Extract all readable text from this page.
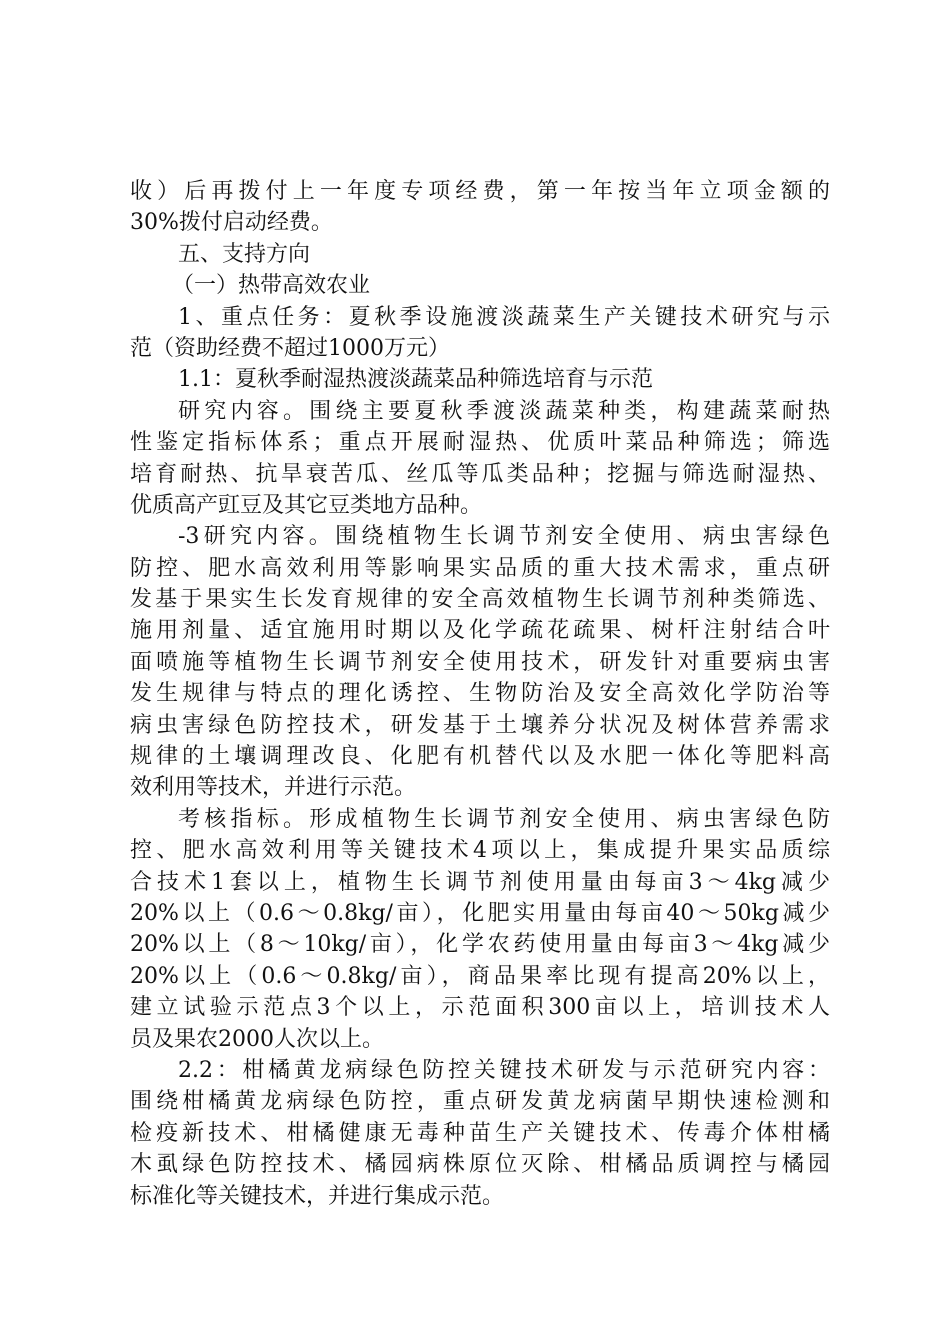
收）后再拨付上一年度专项经费，第一年按当年立项金额的
30%拨付启动经费。
五、支持方向
（一）热带高效农业
1、重点任务：夏秋季设施渡淡蔬菜生产关键技术研究与示
范（资助经费不超过1000万元）
1.1：夏秋季耐湿热渡淡蔬菜品种筛选培育与示范
研究内容。围绕主要夏秋季渡淡蔬菜种类，构建蔬菜耐热
性鉴定指标体系；重点开展耐湿热、优质叶菜品种筛选；筛选
培育耐热、抗旱衰苦瓜、丝瓜等瓜类品种；挖掘与筛选耐湿热、
优质高产豇豆及其它豆类地方品种。
-3研究内容。围绕植物生长调节剂安全使用、病虫害绿色
防控、肥水高效利用等影响果实品质的重大技术需求，重点研
发基于果实生长发育规律的安全高效植物生长调节剂种类筛选、
施用剂量、适宜施用时期以及化学疏花疏果、树杆注射结合叶
面喷施等植物生长调节剂安全使用技术，研发针对重要病虫害
发生规律与特点的理化诱控、生物防治及安全高效化学防治等
病虫害绿色防控技术，研发基于土壤养分状况及树体营养需求
规律的土壤调理改良、化肥有机替代以及水肥一体化等肥料高
效利用等技术，并进行示范。
考核指标。形成植物生长调节剂安全使用、病虫害绿色防
控、肥水高效利用等关键技术4项以上，集成提升果实品质综
合技术1套以上，植物生长调节剂使用量由每亩3～4kg减少
20%以上（0.6～0.8kg/亩），化肥实用量由每亩40～50kg减少
20%以上（8～10kg/亩），化学农药使用量由每亩3～4kg减少
20%以上（0.6～0.8kg/亩），商品果率比现有提高20%以上，
建立试验示范点3个以上，示范面积300亩以上，培训技术人
员及果农2000人次以上。
2.2：柑橘黄龙病绿色防控关键技术研发与示范研究内容：
围绕柑橘黄龙病绿色防控，重点研发黄龙病菌早期快速检测和
检疫新技术、柑橘健康无毒种苗生产关键技术、传毒介体柑橘
木虱绿色防控技术、橘园病株原位灭除、柑橘品质调控与橘园
标准化等关键技术，并进行集成示范。
